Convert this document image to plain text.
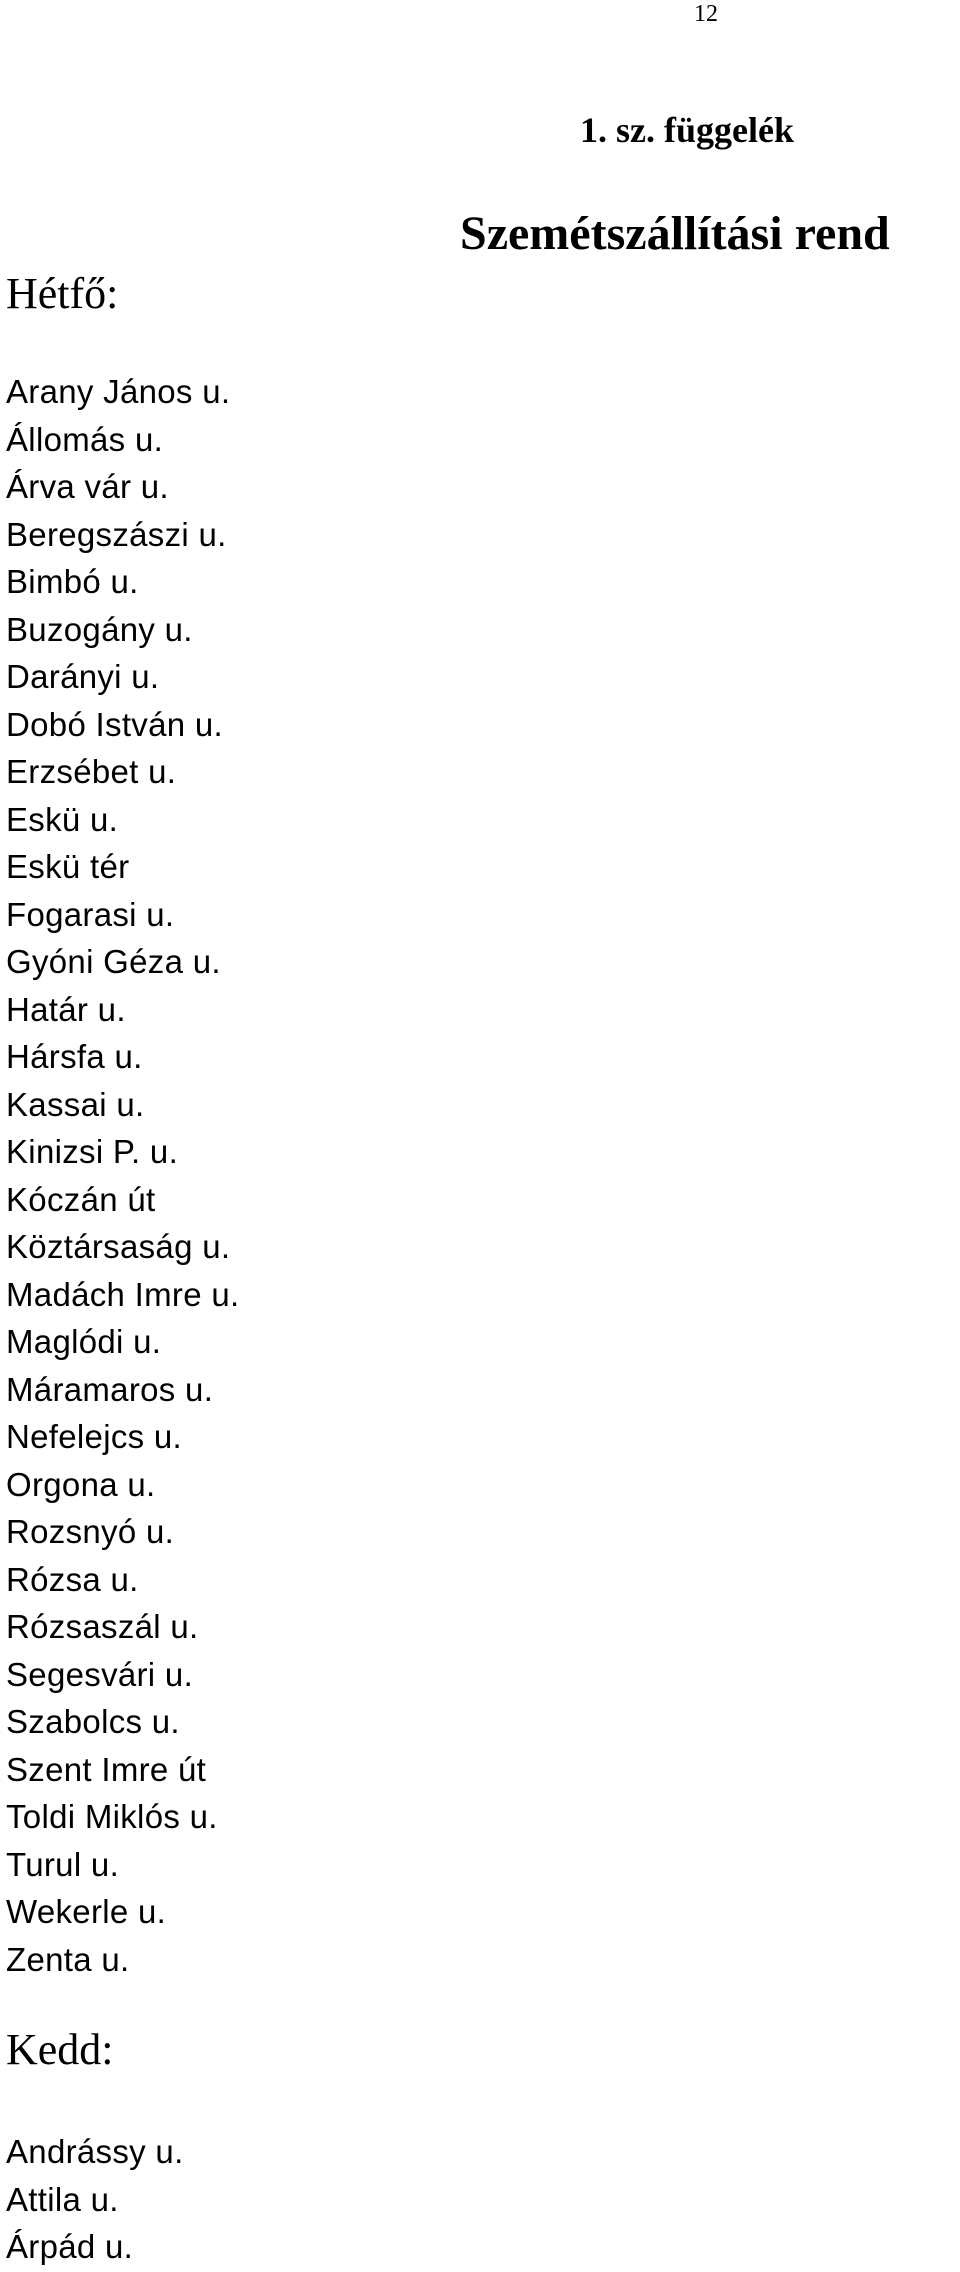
12
1. sz. függelék
Szemétszállítási rend
Hétfő:
Arany János u.
Állomás u.
Árva vár u.
Beregszászi u.
Bimbó u.
Buzogány u.
Darányi u.
Dobó István u.
Erzsébet u.
Eskü u.
Eskü tér
Fogarasi u.
Gyóni Géza u.
Határ u.
Hársfa u.
Kassai u.
Kinizsi P. u.
Kóczán út
Köztársaság u.
Madách Imre u.
Maglódi u.
Máramaros u.
Nefelejcs u.
Orgona u.
Rozsnyó u.
Rózsa u.
Rózsaszál u.
Segesvári u.
Szabolcs u.
Szent Imre út
Toldi Miklós u.
Turul u.
Wekerle u.
Zenta u.
Kedd:
Andrássy u.
Attila u.
Árpád u.
